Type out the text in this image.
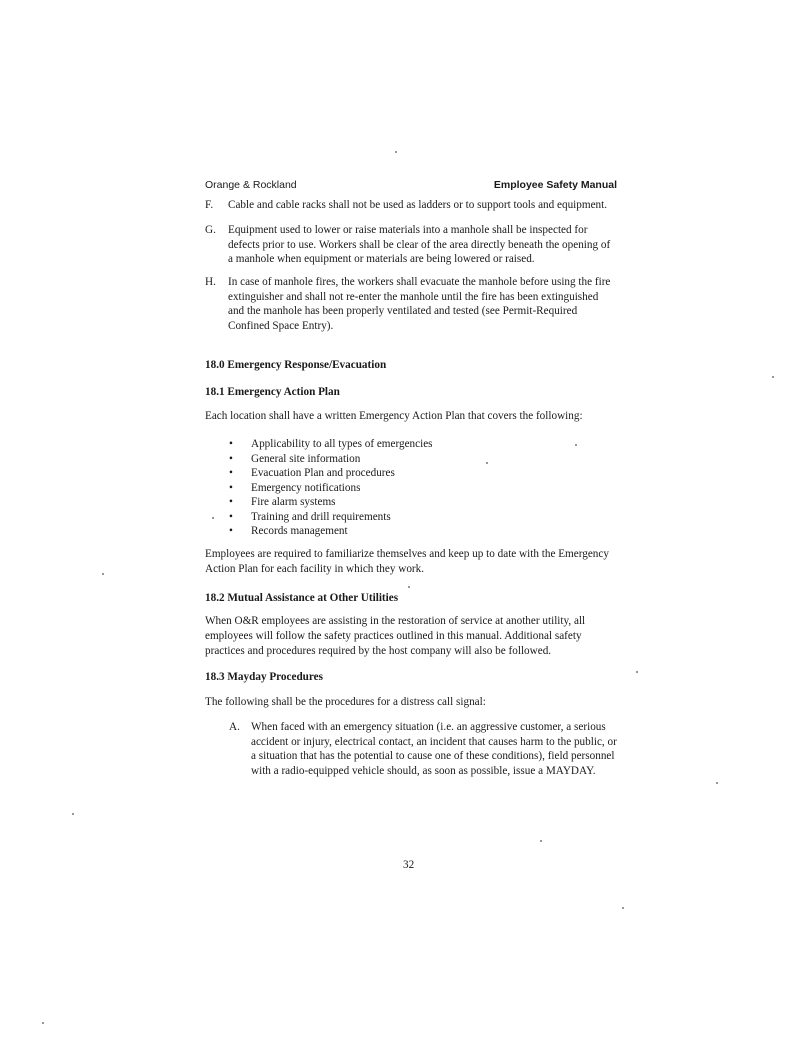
Orange & Rockland	Employee Safety Manual
F. Cable and cable racks shall not be used as ladders or to support tools and equipment.
G. Equipment used to lower or raise materials into a manhole shall be inspected for defects prior to use. Workers shall be clear of the area directly beneath the opening of a manhole when equipment or materials are being lowered or raised.
H. In case of manhole fires, the workers shall evacuate the manhole before using the fire extinguisher and shall not re-enter the manhole until the fire has been extinguished and the manhole has been properly ventilated and tested (see Permit-Required Confined Space Entry).
18.0 Emergency Response/Evacuation
18.1 Emergency Action Plan
Each location shall have a written Emergency Action Plan that covers the following:
• Applicability to all types of emergencies
• General site information
• Evacuation Plan and procedures
• Emergency notifications
• Fire alarm systems
• Training and drill requirements
• Records management
Employees are required to familiarize themselves and keep up to date with the Emergency Action Plan for each facility in which they work.
18.2 Mutual Assistance at Other Utilities
When O&R employees are assisting in the restoration of service at another utility, all employees will follow the safety practices outlined in this manual. Additional safety practices and procedures required by the host company will also be followed.
18.3 Mayday Procedures
The following shall be the procedures for a distress call signal:
A. When faced with an emergency situation (i.e. an aggressive customer, a serious accident or injury, electrical contact, an incident that causes harm to the public, or a situation that has the potential to cause one of these conditions), field personnel with a radio-equipped vehicle should, as soon as possible, issue a MAYDAY.
32
